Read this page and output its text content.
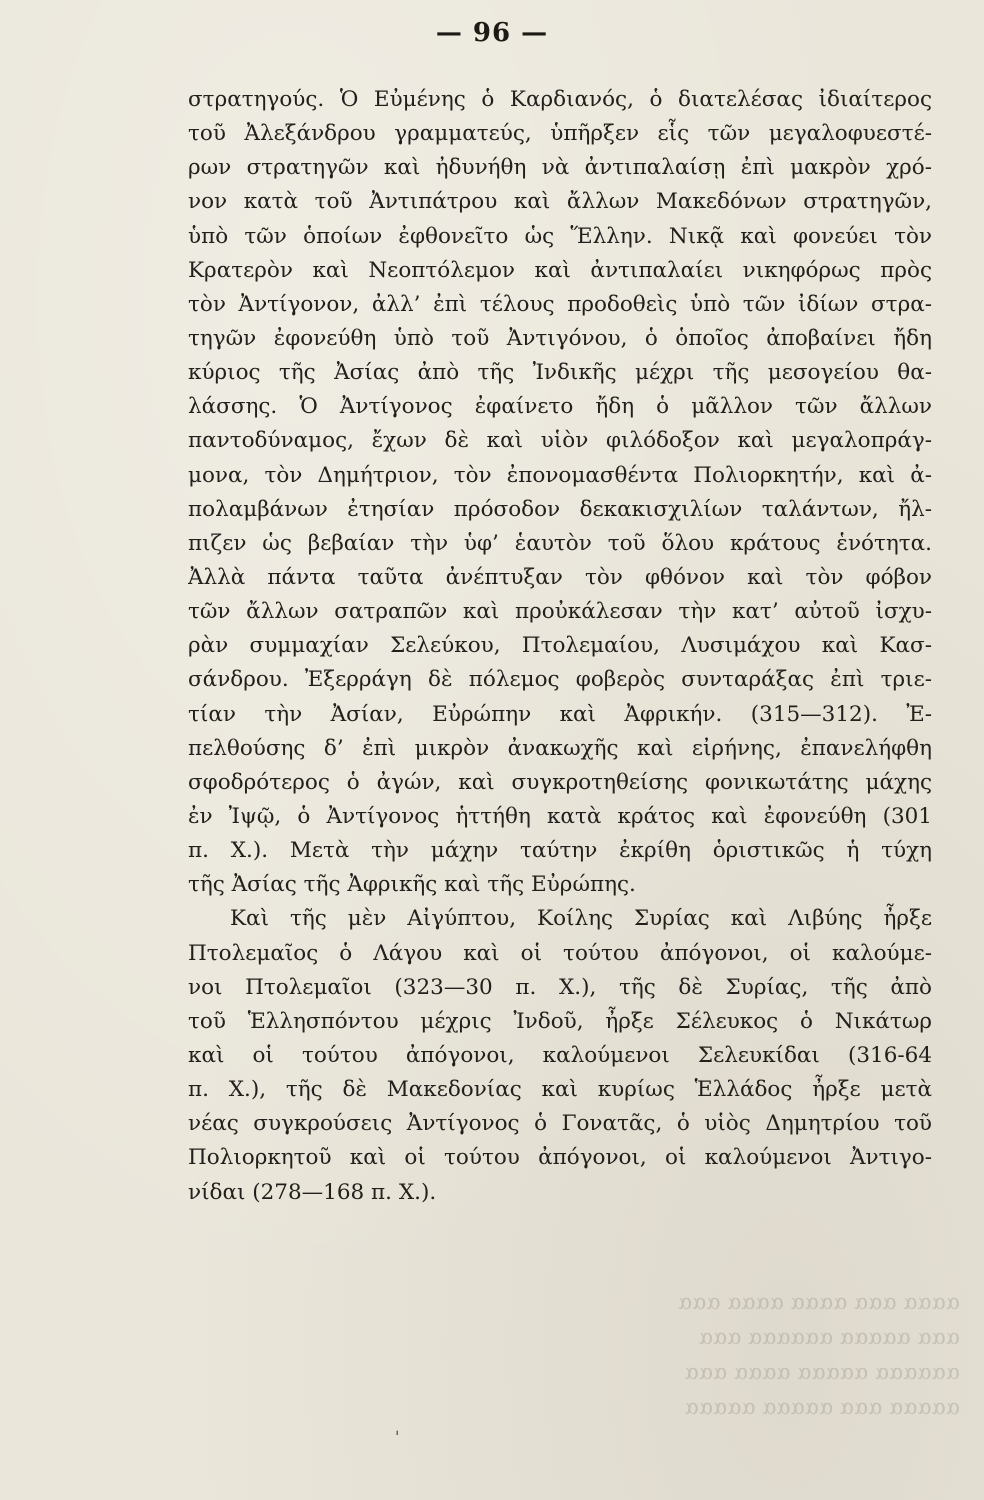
— 96 —
στρατηγούς. Ὁ Εὐμένης ὁ Καρδιανός, ὁ διατελέσας ἰδιαίτερος
τοῦ Ἀλεξάνδρου γραμματεύς, ὑπῆρξεν εἷς τῶν μεγαλοφυεστέ-
ρων στρατηγῶν καὶ ἠδυνήθη νὰ ἀντιπαλαίσῃ ἐπὶ μακρὸν χρό-
νον κατὰ τοῦ Ἀντιπάτρου καὶ ἄλλων Μακεδόνων στρατηγῶν,
ὑπὸ τῶν ὁποίων ἐφθονεῖτο ὡς Ἕλλην. Νικᾷ καὶ φονεύει τὸν
Κρατερὸν καὶ Νεοπτόλεμον καὶ ἀντιπαλαίει νικηφόρως πρὸς
τὸν Ἀντίγονον, ἀλλ’ ἐπὶ τέλους προδοθεὶς ὑπὸ τῶν ἰδίων στρα-
τηγῶν ἐφονεύθη ὑπὸ τοῦ Ἀντιγόνου, ὁ ὁποῖος ἀποβαίνει ἤδη
κύριος τῆς Ἀσίας ἀπὸ τῆς Ἰνδικῆς μέχρι τῆς μεσογείου θα-
λάσσης. Ὁ Ἀντίγονος ἐφαίνετο ἤδη ὁ μᾶλλον τῶν ἄλλων
παντοδύναμος, ἔχων δὲ καὶ υἱὸν φιλόδοξον καὶ μεγαλοπράγ-
μονα, τὸν Δημήτριον, τὸν ἐπονομασθέντα Πολιορκητήν, καὶ ἀ-
πολαμβάνων ἐτησίαν πρόσοδον δεκακισχιλίων ταλάντων, ἤλ-
πιζεν ὡς βεβαίαν τὴν ὑφ’ ἑαυτὸν τοῦ ὅλου κράτους ἑνότητα.
Ἀλλὰ πάντα ταῦτα ἀνέπτυξαν τὸν φθόνον καὶ τὸν φόβον
τῶν ἄλλων σατραπῶν καὶ προὐκάλεσαν τὴν κατ’ αὐτοῦ ἰσχυ-
ρὰν συμμαχίαν Σελεύκου, Πτολεμαίου, Λυσιμάχου καὶ Κασ-
σάνδρου. Ἐξερράγη δὲ πόλεμος φοβερὸς συνταράξας ἐπὶ τριε-
τίαν τὴν Ἀσίαν, Εὐρώπην καὶ Ἀφρικήν. (315—312). Ἐ-
πελθούσης δ’ ἐπὶ μικρὸν ἀνακωχῆς καὶ εἰρήνης, ἐπανελήφθη
σφοδρότερος ὁ ἀγών, καὶ συγκροτηθείσης φονικωτάτης μάχης
ἐν Ἰψῷ, ὁ Ἀντίγονος ἡττήθη κατὰ κράτος καὶ ἐφονεύθη (301
π. Χ.). Μετὰ τὴν μάχην ταύτην ἐκρίθη ὁριστικῶς ἡ τύχη
τῆς Ἀσίας τῆς Ἀφρικῆς καὶ τῆς Εὐρώπης.
Καὶ τῆς μὲν Αἰγύπτου, Κοίλης Συρίας καὶ Λιβύης ἦρξε
Πτολεμαῖος ὁ Λάγου καὶ οἱ τούτου ἀπόγονοι, οἱ καλούμε-
νοι Πτολεμαῖοι (323—30 π. Χ.), τῆς δὲ Συρίας, τῆς ἀπὸ
τοῦ Ἑλλησπόντου μέχρις Ἰνδοῦ, ἦρξε Σέλευκος ὁ Νικάτωρ
καὶ οἱ τούτου ἀπόγονοι, καλούμενοι Σελευκίδαι (316-64
π. Χ.), τῆς δὲ Μακεδονίας καὶ κυρίως Ἑλλάδος ἦρξε μετὰ
νέας συγκρούσεις Ἀντίγονος ὁ Γονατᾶς, ὁ υἱὸς Δημητρίου τοῦ
Πολιορκητοῦ καὶ οἱ τούτου ἀπόγονοι, οἱ καλούμενοι Ἀντιγο-
νίδαι (278—168 π. Χ.).
αααα ααα αααα αααα ααα
ααα ααααα αααααα ααα
αααααα ααααα αααα ααα
ααααα ααα ααααα ααααα
ˈ
